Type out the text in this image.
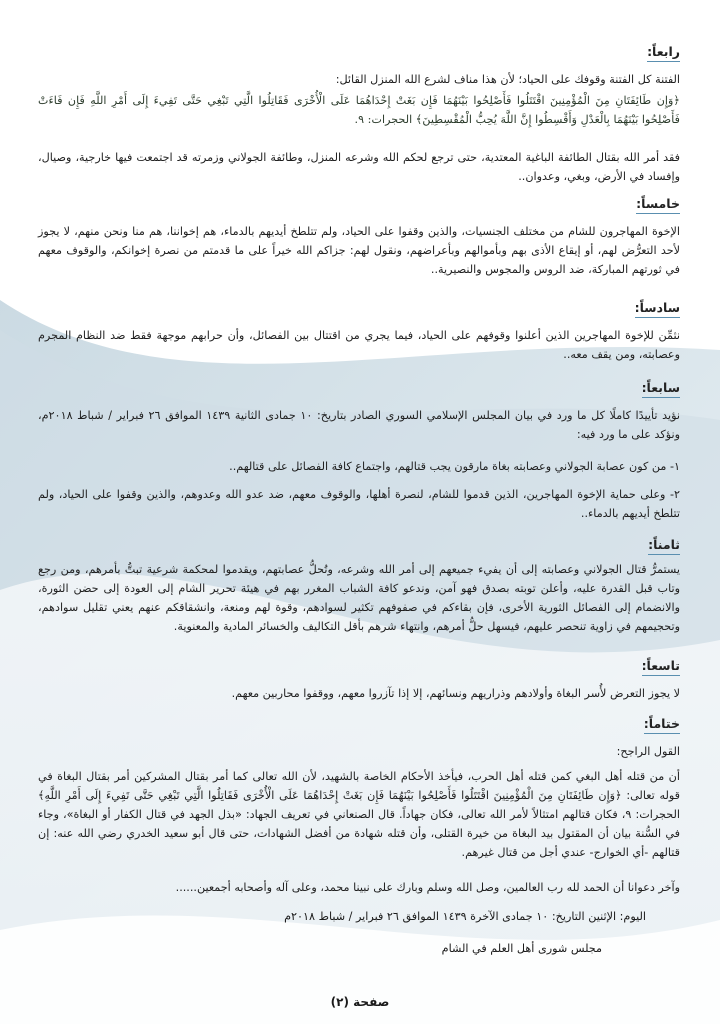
رابعاً:
الفتنة كل الفتنة وقوفك على الحياد؛ لأن هذا مناف لشرع الله المنزل القائل:
﴿وَإِن طَائِفَتَانِ مِنَ الْمُؤْمِنِينَ اقْتَتَلُوا فَأَصْلِحُوا بَيْنَهُمَا فَإِن بَغَتْ إِحْدَاهُمَا عَلَى الْأُخْرَى فَقَاتِلُوا الَّتِي تَبْغِي حَتَّى تَفِيءَ إِلَى أَمْرِ اللَّهِ فَإِن فَاءَتْ فَأَصْلِحُوا بَيْنَهُمَا بِالْعَدْلِ وَأَقْسِطُوا إِنَّ اللَّهَ يُحِبُّ الْمُقْسِطِينَ﴾ الحجرات: ٩.
فقد أمر الله بقتال الطائفة الباغية المعتدية، حتى ترجع لحكم الله وشرعه المنزل، وطائفة الجولاني وزمرته قد اجتمعت فيها خارجية، وصيال، وإفساد في الأرض، وبغي، وعدوان..
خامساً:
الإخوة المهاجرون للشام من مختلف الجنسيات، والذين وقفوا على الحياد، ولم تتلطخ أيديهم بالدماء، هم إخواننا، هم منا ونحن منهم، لا يجوز لأحد التعرُّض لهم، أو إيقاع الأذى بهم وبأموالهم وبأعراضهم، ونقول لهم: جزاكم الله خيراً على ما قدمتم من نصرة إخوانكم، والوقوف معهم في ثورتهم المباركة، ضد الروس والمجوس والنصيرية..
سادساً:
نثمِّن للإخوة المهاجرين الذين أعلنوا وقوفهم على الحياد، فيما يجري من اقتتال بين الفصائل، وأن حرابهم موجهة فقط ضد النظام المجرم وعصابته، ومن يقف معه..
سابعاً:
نؤيد تأييدًا كاملًا كل ما ورد في بيان المجلس الإسلامي السوري الصادر بتاريخ: ١٠ جمادى الثانية ١٤٣٩ الموافق ٢٦ فبراير / شباط ٢٠١٨م، ونؤكد على ما ورد فيه:
١- من كون عصابة الجولاني وعصابته بغاة مارقون يجب قتالهم، واجتماع كافة الفصائل على قتالهم..
٢- وعلى حماية الإخوة المهاجرين، الذين قدموا للشام، لنصرة أهلها، والوقوف معهم، ضد عدو الله وعدوهم، والذين وقفوا على الحياد، ولم تتلطخ أيديهم بالدماء..
ثامناً:
يستمرُّ قتال الجولاني وعصابته إلى أن يفيء جميعهم إلى أمر الله وشرعه، وتُحلُّ عصابتهم، ويقدموا لمحكمة شرعية تبتُّ بأمرهم، ومن رجع وتاب قبل القدرة عليه، وأعلن توبته بصدق فهو آمن، وندعو كافة الشباب المغرر بهم في هيئة تحرير الشام إلى العودة إلى حضن الثورة، والانضمام إلى الفصائل الثورية الأخرى، فإن بقاءكم في صفوفهم تكثير لسوادهم، وقوة لهم ومنعة، وانشقاقكم عنهم يعني تقليل سوادهم، وتحجيمهم في زاوية تنحصر عليهم، فيسهل حلُّ أمرهم، وانتهاء شرهم بأقل التكاليف والخسائر المادية والمعنوية.
تاسعاً:
لا يجوز التعرض لأُسر البغاة وأولادهم وذراريهم ونسائهم، إلا إذا تآزروا معهم، ووقفوا محاربين معهم.
ختاماً:
القول الراجح:
أن من قتله أهل البغي كمن قتله أهل الحرب، فيأخذ الأحكام الخاصة بالشهيد، لأن الله تعالى كما أمر بقتال المشركين أمر بقتال البغاة في قوله تعالى: ﴿وَإِن طَائِفَتَانِ مِنَ الْمُؤْمِنِينَ اقْتَتَلُوا فَأَصْلِحُوا بَيْنَهُمَا فَإِن بَغَتْ إِحْدَاهُمَا عَلَى الْأُخْرَى فَقَاتِلُوا الَّتِي تَبْغِي حَتَّى تَفِيءَ إِلَى أَمْرِ اللَّهِ﴾ الحجرات: ٩، فكان قتالهم امتثالاً لأمر الله تعالى، فكان جهاداً. قال الصنعاني في تعريف الجهاد: «بذل الجهد في قتال الكفار أو البغاة»، وجاء في السُّنة بيان أن المقتول بيد البغاة من خيرة القتلى، وأن قتله شهادة من أفضل الشهادات، حتى قال أبو سعيد الخدري رضي الله عنه: إن قتالهم -أي الخوارج- عندي أجل من قتال غيرهم.
وآخر دعوانا أن الحمد لله رب العالمين، وصل الله وسلم وبارك على نبينا محمد، وعلى آله وأصحابه أجمعين......
اليوم: الإثنين التاريخ: ١٠ جمادى الآخرة ١٤٣٩ الموافق ٢٦ فبراير / شباط ٢٠١٨م
مجلس شورى أهل العلم في الشام
صفحة (٢)
